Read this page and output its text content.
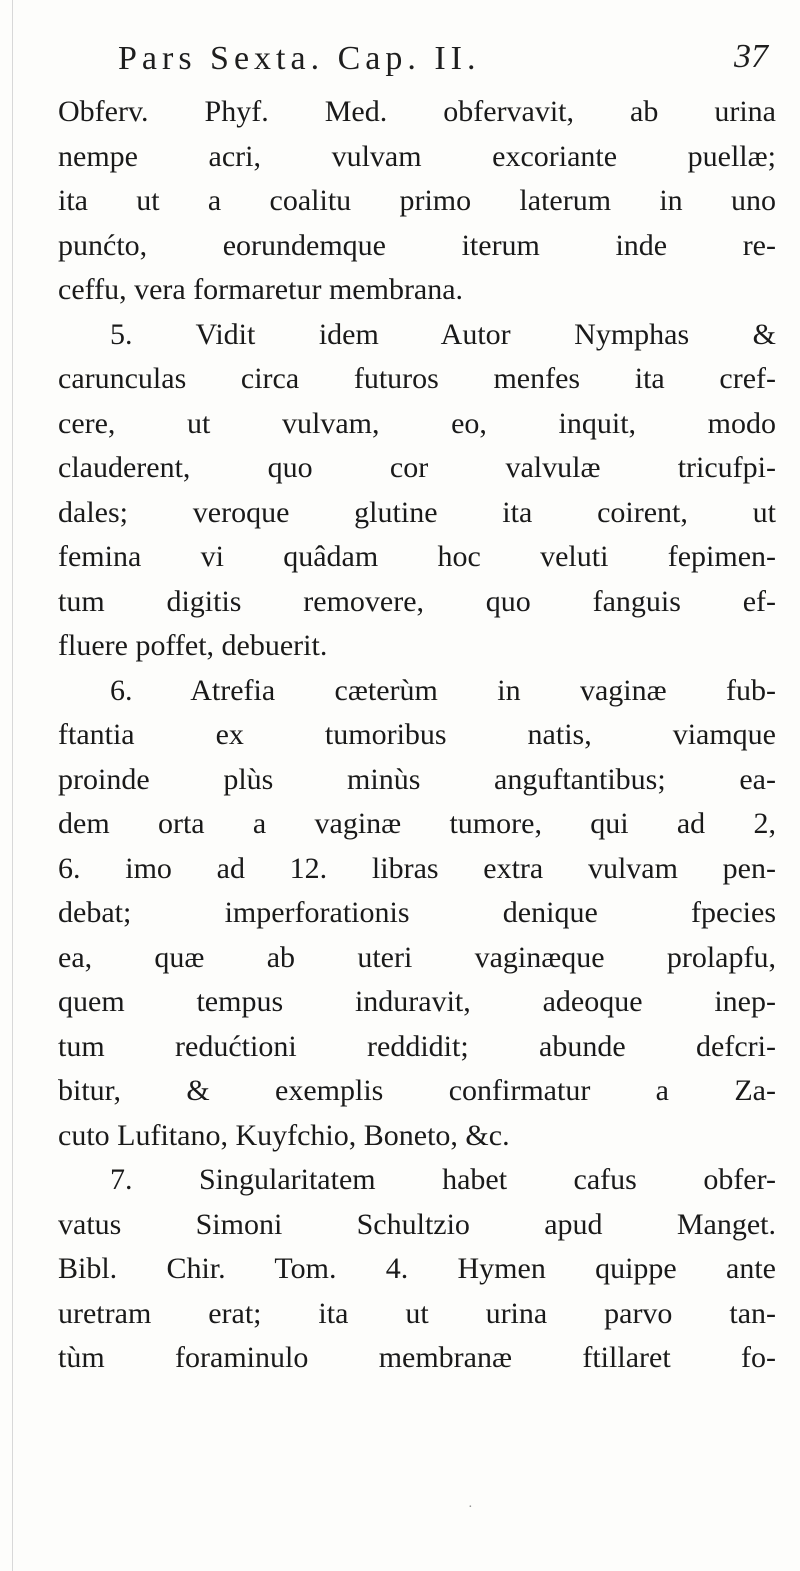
Pars Sexta. Cap. II.	37
Obferv. Phyf. Med. obfervavit, ab urina
nempe acri, vulvam excoriante puellæ;
ita ut a coalitu primo laterum in uno
punćto, eorundemque iterum inde re-
ceffu, vera formaretur membrana.
5. Vidit idem Autor Nymphas &
carunculas circa futuros menfes ita cref-
cere, ut vulvam, eo, inquit, modo
clauderent, quo cor valvulæ tricufpi-
dales; veroque glutine ita coirent, ut
femina vi quâdam hoc veluti fepimen-
tum digitis removere, quo fanguis ef-
fluere poffet, debuerit.
6. Atrefia cæterùm in vaginæ fub-
ftantia ex tumoribus natis, viamque
proinde plùs minùs anguftantibus; ea-
dem orta a vaginæ tumore, qui ad 2,
6. imo ad 12. libras extra vulvam pen-
debat; imperforationis denique fpecies
ea, quæ ab uteri vaginæque prolapfu,
quem tempus induravit, adeoque inep-
tum redućtioni reddidit; abunde defcri-
bitur, & exemplis confirmatur a Za-
cuto Lufitano, Kuyfchio, Boneto, &c.
7. Singularitatem habet cafus obfer-
vatus Simoni Schultzio apud Manget.
Bibl. Chir. Tom. 4. Hymen quippe ante
uretram erat; ita ut urina parvo tan-
tùm foraminulo membranæ ftillaret fo-
·
